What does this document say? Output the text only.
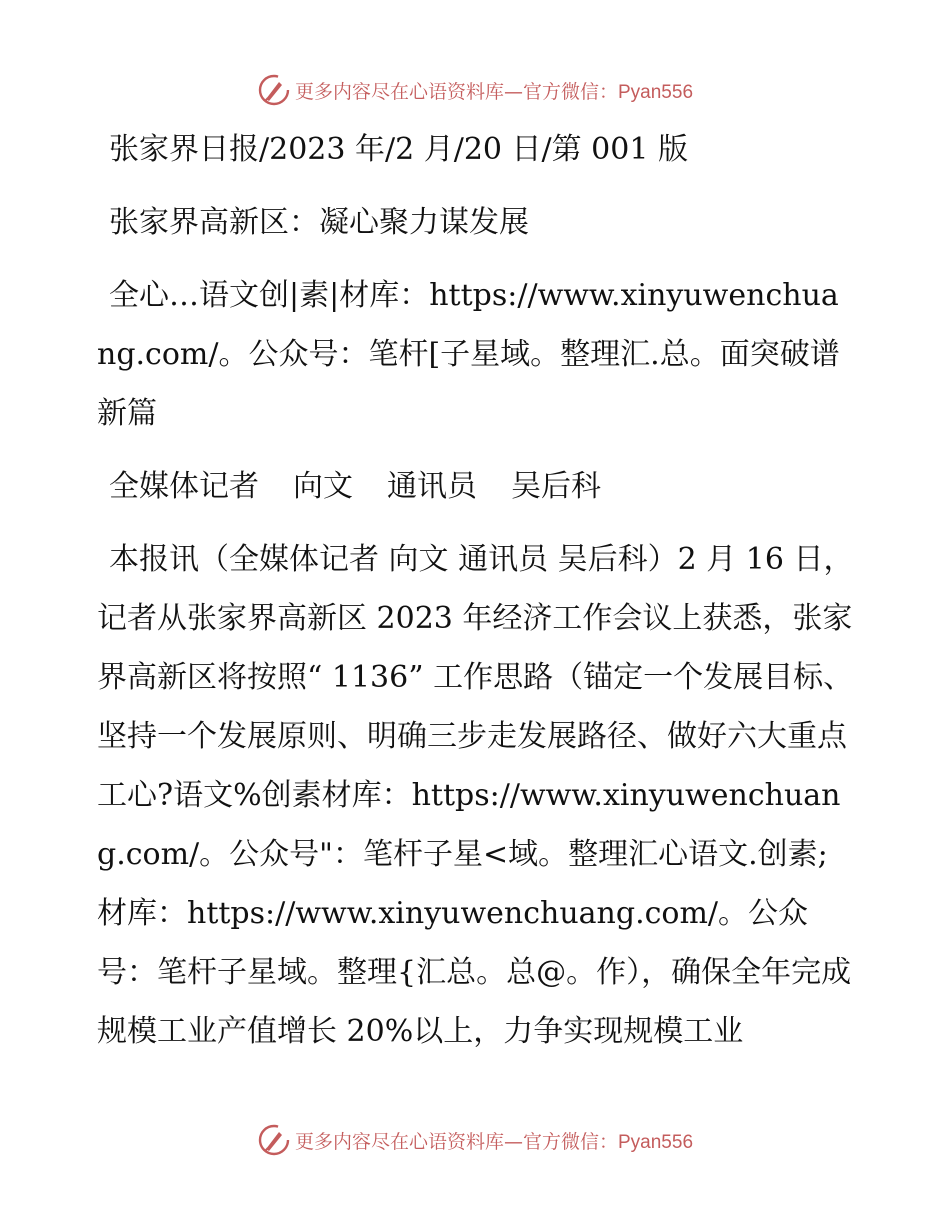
更多内容尽在心语资料库—官方微信：Pyan556

张家界日报/2023 年/2 月/20 日/第 001 版

张家界高新区：凝心聚力谋发展

全心…语文创|素|材库：https://www.xinyuwenchuang.com/。公众号：笔杆[子星域。整理汇.总。面突破谱新篇

全媒体记者 向文 通讯员 吴后科

本报讯（全媒体记者 向文 通讯员 吴后科）2 月 16 日，记者从张家界高新区 2023 年经济工作会议上获悉，张家界高新区将按照“ 1136” 工作思路（锚定一个发展目标、坚持一个发展原则、明确三步走发展路径、做好六大重点工心?语文%创素材库：https://www.xinyuwenchuang.com/。公众号"：笔杆子星<域。整理汇心语文.创素;材库：https://www.xinyuwenchuang.com/。公众号：笔杆子星域。整理{汇总。总@。作），确保全年完成规模工业产值增长 20%以上，力争实现规模工业

更多内容尽在心语资料库—官方微信：Pyan556
